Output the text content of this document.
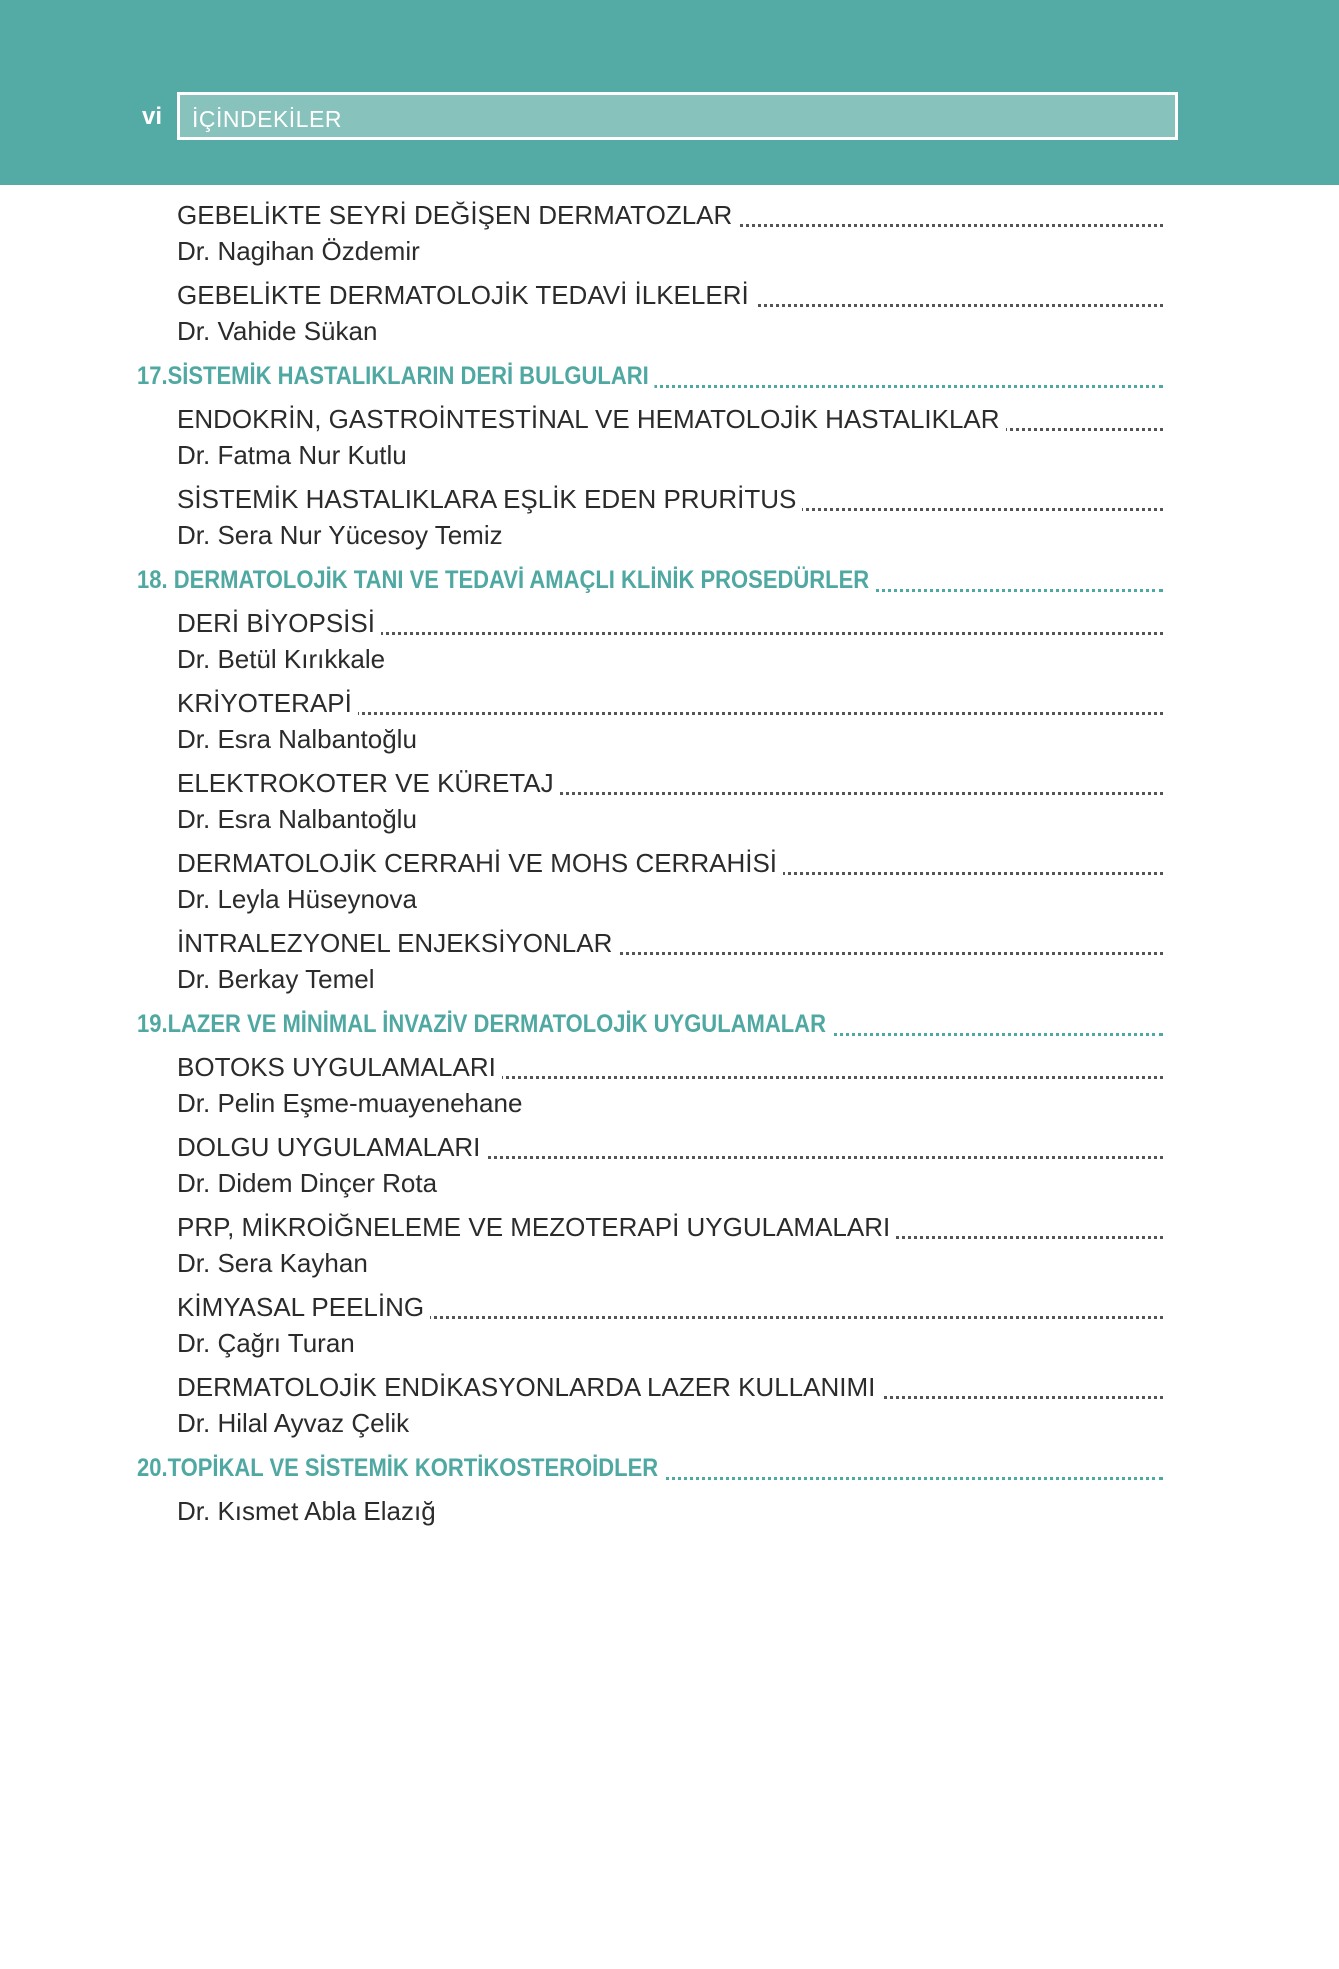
vi İÇİNDEKİLER
GEBELİKTE SEYRİ DEĞİŞEN DERMATOZLAR
Dr. Nagihan Özdemir
GEBELİKTE DERMATOLOJİK TEDAVİ İLKELERİ
Dr. Vahide Sükan
17.SİSTEMİK HASTALIKLARIN DERİ BULGULARI
ENDOKRİN, GASTROİNTESTİNAL VE HEMATOLOJİK HASTALIKLAR
Dr. Fatma Nur Kutlu
SİSTEMİK HASTALIKLARA EŞLİK EDEN PRURİTUS
Dr. Sera Nur Yücesoy Temiz
18. DERMATOLOJİK TANI VE TEDAVİ AMAÇLI KLİNİK PROSEDÜRLER
DERİ BİYOPSİSİ
Dr. Betül Kırıkkale
KRİYOTERAPİ
Dr. Esra Nalbantoğlu
ELEKTROKOTER VE KÜRETAJ
Dr. Esra Nalbantoğlu
DERMATOLOJİK CERRAHİ VE MOHS CERRAHİSİ
Dr. Leyla Hüseynova
İNTRALEZYONEL ENJEKSİYONLAR
Dr. Berkay Temel
19.LAZER VE MİNİMAL İNVAZİV DERMATOLOJİK UYGULAMALAR
BOTOKS UYGULAMALARI
Dr. Pelin Eşme-muayenehane
DOLGU UYGULAMALARI
Dr. Didem Dinçer Rota
PRP, MİKROİĞNELEME VE MEZOTERAPİ UYGULAMALARI
Dr. Sera Kayhan
KİMYASAL PEELİNG
Dr. Çağrı Turan
DERMATOLOJİK ENDİKASYONLARDA LAZER KULLANIMI
Dr. Hilal Ayvaz Çelik
20.TOPİKAL VE SİSTEMİK KORTİKOSTEROİDLER
Dr. Kısmet Abla Elazığ
